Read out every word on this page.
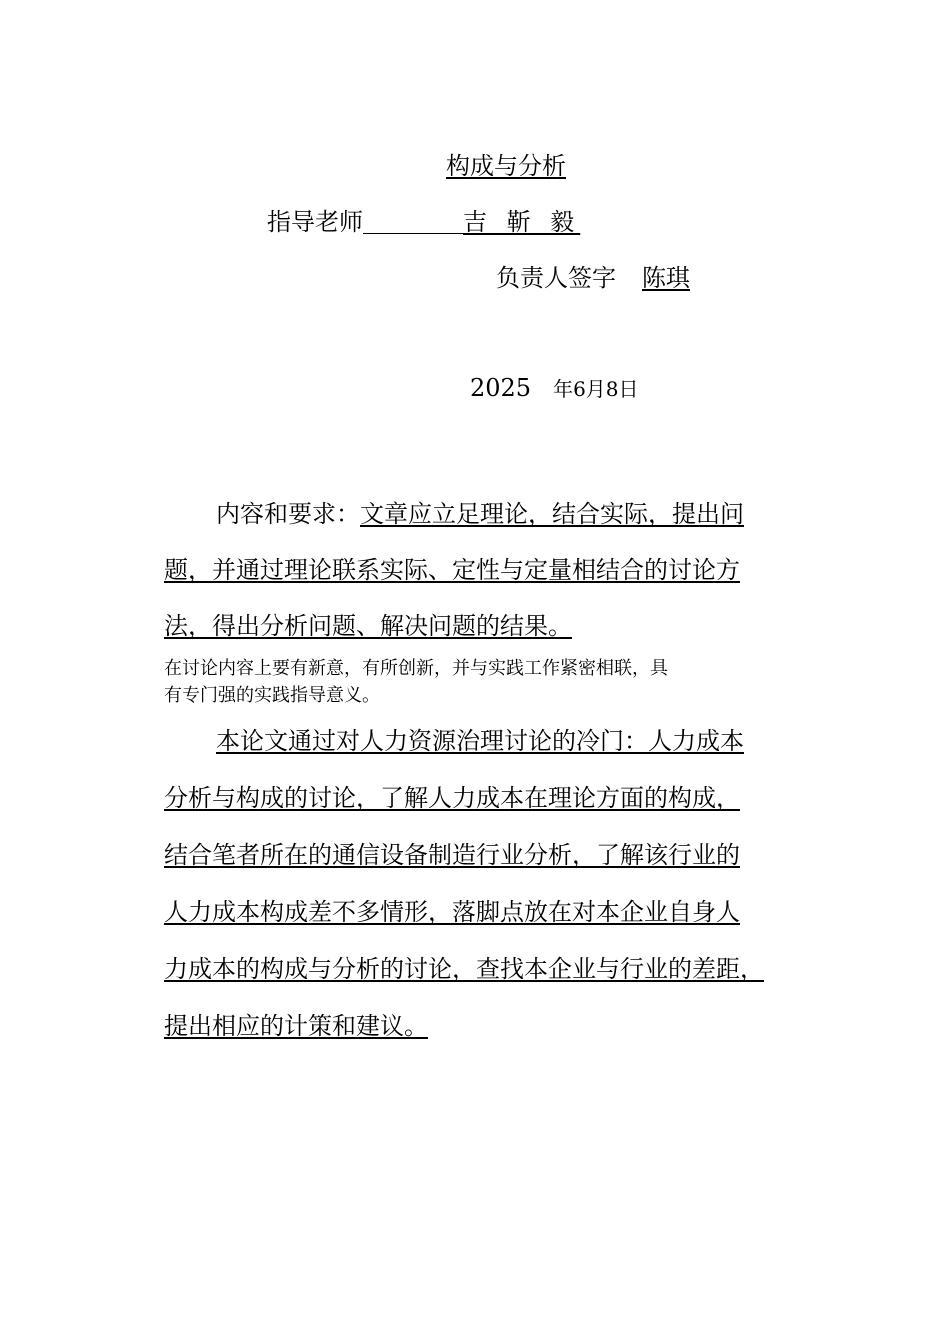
构成与分析
指导老师	吉 靳 毅
负责人签字 陈琪
2025 年6月8日
内容和要求：文章应立足理论，结合实际，提出问
题，并通过理论联系实际、定性与定量相结合的讨论方
法，得出分析问题、解决问题的结果。
在讨论内容上要有新意，有所创新，并与实践工作紧密相联，具
有专门强的实践指导意义。
本论文通过对人力资源治理讨论的冷门：人力成本
分析与构成的讨论，了解人力成本在理论方面的构成，
结合笔者所在的通信设备制造行业分析，了解该行业的
人力成本构成差不多情形，落脚点放在对本企业自身人
力成本的构成与分析的讨论，查找本企业与行业的差距，
提出相应的计策和建议。
